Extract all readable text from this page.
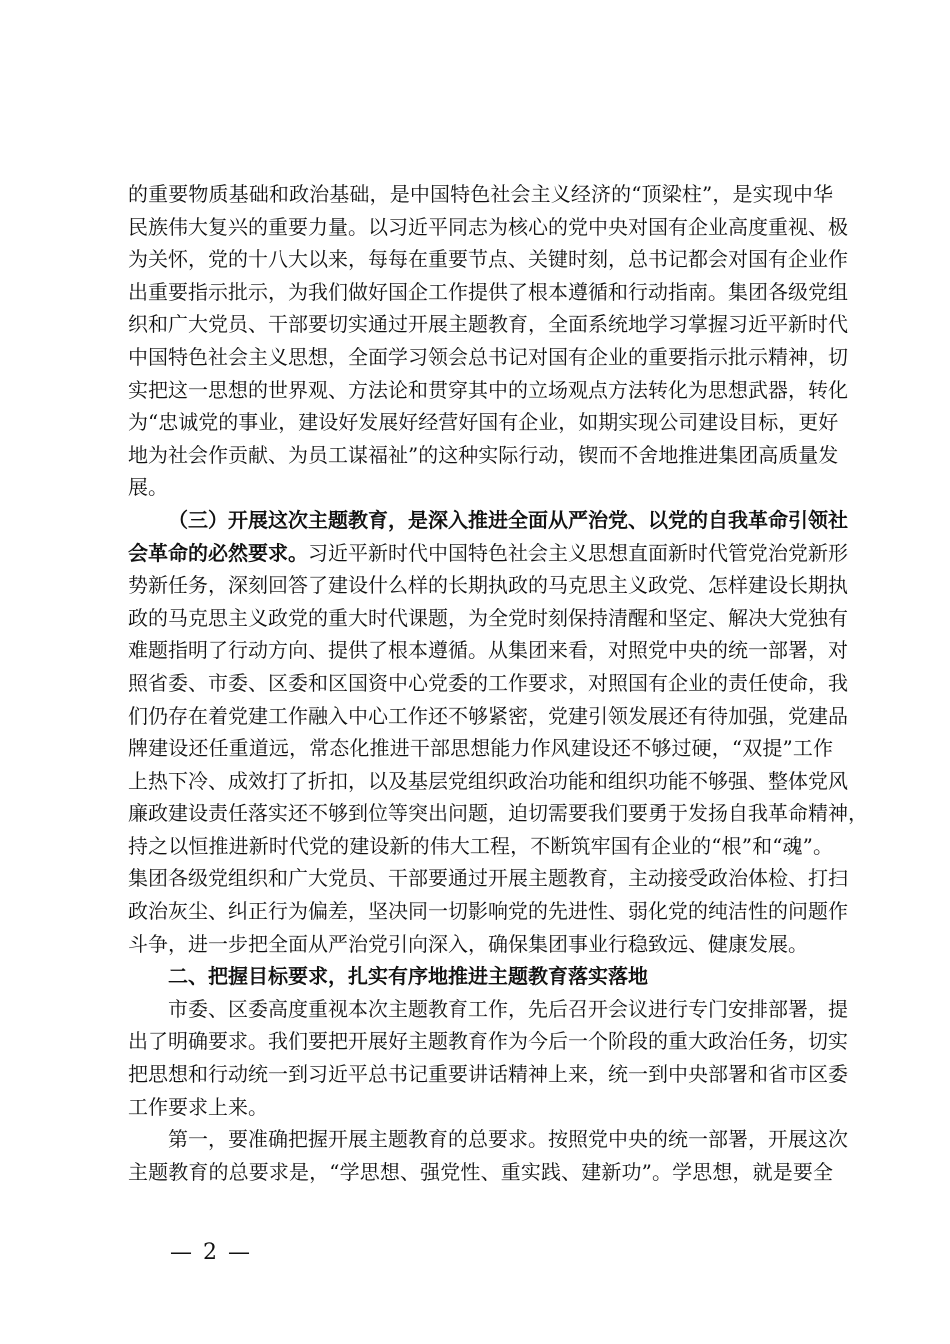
的重要物质基础和政治基础，是中国特色社会主义经济的“顶梁柱”，是实现中华
民族伟大复兴的重要力量。以习近平同志为核心的党中央对国有企业高度重视、极
为关怀，党的十八大以来，每每在重要节点、关键时刻，总书记都会对国有企业作
出重要指示批示，为我们做好国企工作提供了根本遵循和行动指南。集团各级党组
织和广大党员、干部要切实通过开展主题教育，全面系统地学习掌握习近平新时代
中国特色社会主义思想，全面学习领会总书记对国有企业的重要指示批示精神，切
实把这一思想的世界观、方法论和贯穿其中的立场观点方法转化为思想武器，转化
为“忠诚党的事业，建设好发展好经营好国有企业，如期实现公司建设目标，更好
地为社会作贡献、为员工谋福祉”的这种实际行动，锲而不舍地推进集团高质量发
展。
（三）开展这次主题教育，是深入推进全面从严治党、以党的自我革命引领社
会革命的必然要求。习近平新时代中国特色社会主义思想直面新时代管党治党新形
势新任务，深刻回答了建设什么样的长期执政的马克思主义政党、怎样建设长期执
政的马克思主义政党的重大时代课题，为全党时刻保持清醒和坚定、解决大党独有
难题指明了行动方向、提供了根本遵循。从集团来看，对照党中央的统一部署，对
照省委、市委、区委和区国资中心党委的工作要求，对照国有企业的责任使命，我
们仍存在着党建工作融入中心工作还不够紧密，党建引领发展还有待加强，党建品
牌建设还任重道远，常态化推进干部思想能力作风建设还不够过硬，“双提”工作
上热下冷、成效打了折扣，以及基层党组织政治功能和组织功能不够强、整体党风
廉政建设责任落实还不够到位等突出问题，迫切需要我们要勇于发扬自我革命精神，
持之以恒推进新时代党的建设新的伟大工程，不断筑牢国有企业的“根”和“魂”。
集团各级党组织和广大党员、干部要通过开展主题教育，主动接受政治体检、打扫
政治灰尘、纠正行为偏差，坚决同一切影响党的先进性、弱化党的纯洁性的问题作
斗争，进一步把全面从严治党引向深入，确保集团事业行稳致远、健康发展。
二、把握目标要求，扎实有序地推进主题教育落实落地
市委、区委高度重视本次主题教育工作，先后召开会议进行专门安排部署，提
出了明确要求。我们要把开展好主题教育作为今后一个阶段的重大政治任务，切实
把思想和行动统一到习近平总书记重要讲话精神上来，统一到中央部署和省市区委
工作要求上来。
第一，要准确把握开展主题教育的总要求。按照党中央的统一部署，开展这次
主题教育的总要求是，“学思想、强党性、重实践、建新功”。学思想，就是要全
— 2 —
